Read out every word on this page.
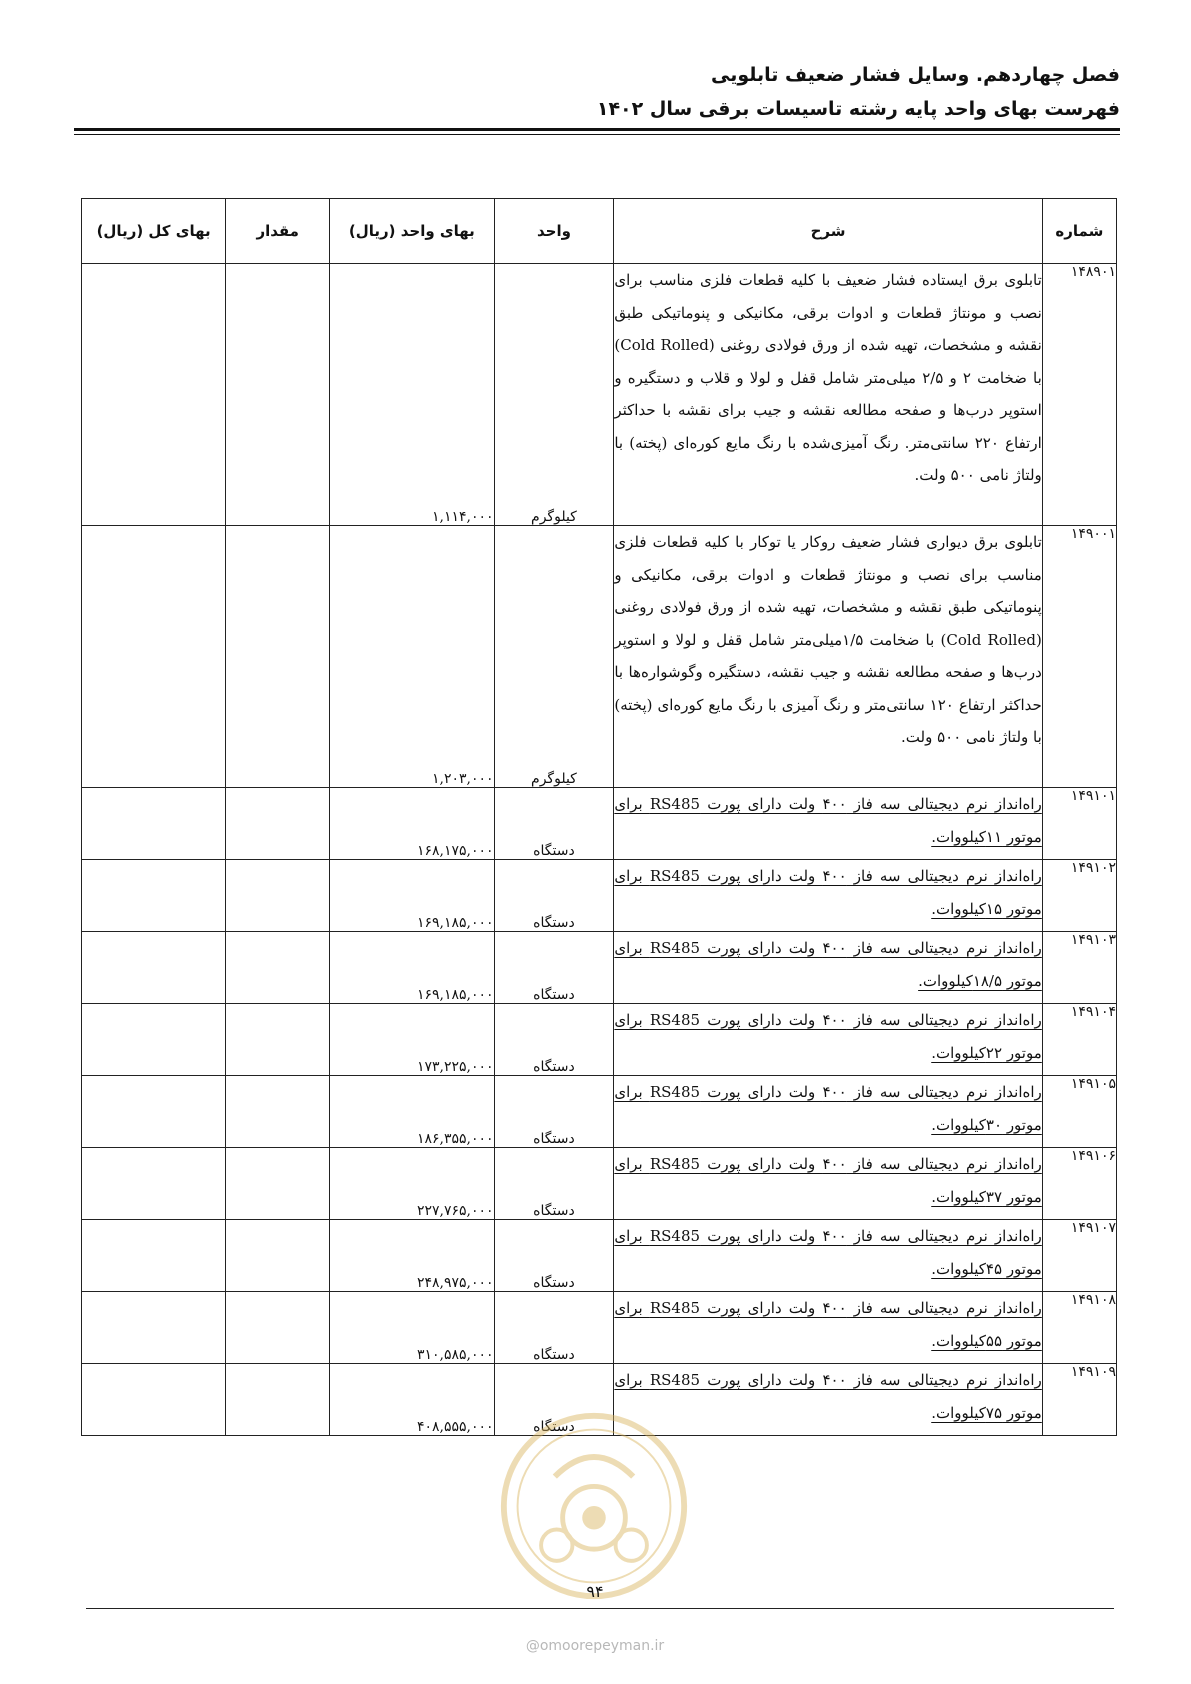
فصل چهاردهم. وسایل فشار ضعیف تابلویی
فهرست بهای واحد پایه رشته تاسیسات برقی سال ۱۴۰۲
شماره	شرح	واحد	بهای واحد (ریال)	مقدار	بهای کل (ریال)
۱۴۸۹۰۱	تابلوی برق ایستاده فشار ضعیف با کلیه قطعات فلزی مناسب برای نصب و مونتاژ قطعات و ادوات برقی، مکانیکی و پنوماتیکی طبق نقشه و مشخصات، تهیه شده از ورق فولادی روغنی (Cold Rolled) با ضخامت ۲ و ۲/۵ میلی‌متر شامل قفل و لولا و قلاب و دستگیره و استوپر درب‌ها و صفحه مطالعه نقشه و جیب برای نقشه با حداکثر ارتفاع ۲۲۰ سانتی‌متر. رنگ آمیزی‌شده با رنگ مایع کوره‌ای (پخته) با ولتاژ نامی ۵۰۰ ولت.	کیلوگرم	۱,۱۱۴,۰۰۰		
۱۴۹۰۰۱	تابلوی برق دیواری فشار ضعیف روکار یا توکار با کلیه قطعات فلزی مناسب برای نصب و مونتاژ قطعات و ادوات برقی، مکانیکی و پنوماتیکی طبق نقشه و مشخصات، تهیه شده از ورق فولادی روغنی (Cold Rolled) با ضخامت ۱/۵میلی‌متر شامل قفل و لولا و استوپر درب‌ها و صفحه مطالعه نقشه و جیب نقشه، دستگیره وگوشواره‌ها با حداکثر ارتفاع ۱۲۰ سانتی‌متر و رنگ آمیزی با رنگ مایع کوره‌ای (پخته) با ولتاژ نامی ۵۰۰ ولت.	کیلوگرم	۱,۲۰۳,۰۰۰		
۱۴۹۱۰۱	راه‌انداز نرم دیجیتالی سه فاز ۴۰۰ ولت دارای پورت RS485 برای موتور ۱۱کیلووات.	دستگاه	۱۶۸,۱۷۵,۰۰۰		
۱۴۹۱۰۲	راه‌انداز نرم دیجیتالی سه فاز ۴۰۰ ولت دارای پورت RS485 برای موتور ۱۵کیلووات.	دستگاه	۱۶۹,۱۸۵,۰۰۰		
۱۴۹۱۰۳	راه‌انداز نرم دیجیتالی سه فاز ۴۰۰ ولت دارای پورت RS485 برای موتور ۱۸/۵کیلووات.	دستگاه	۱۶۹,۱۸۵,۰۰۰		
۱۴۹۱۰۴	راه‌انداز نرم دیجیتالی سه فاز ۴۰۰ ولت دارای پورت RS485 برای موتور ۲۲کیلووات.	دستگاه	۱۷۳,۲۲۵,۰۰۰		
۱۴۹۱۰۵	راه‌انداز نرم دیجیتالی سه فاز ۴۰۰ ولت دارای پورت RS485 برای موتور ۳۰کیلووات.	دستگاه	۱۸۶,۳۵۵,۰۰۰		
۱۴۹۱۰۶	راه‌انداز نرم دیجیتالی سه فاز ۴۰۰ ولت دارای پورت RS485 برای موتور ۳۷کیلووات.	دستگاه	۲۲۷,۷۶۵,۰۰۰		
۱۴۹۱۰۷	راه‌انداز نرم دیجیتالی سه فاز ۴۰۰ ولت دارای پورت RS485 برای موتور ۴۵کیلووات.	دستگاه	۲۴۸,۹۷۵,۰۰۰		
۱۴۹۱۰۸	راه‌انداز نرم دیجیتالی سه فاز ۴۰۰ ولت دارای پورت RS485 برای موتور ۵۵کیلووات.	دستگاه	۳۱۰,۵۸۵,۰۰۰		
۱۴۹۱۰۹	راه‌انداز نرم دیجیتالی سه فاز ۴۰۰ ولت دارای پورت RS485 برای موتور ۷۵کیلووات.	دستگاه	۴۰۸,۵۵۵,۰۰۰		
۹۴
@omoorepeyman.ir
